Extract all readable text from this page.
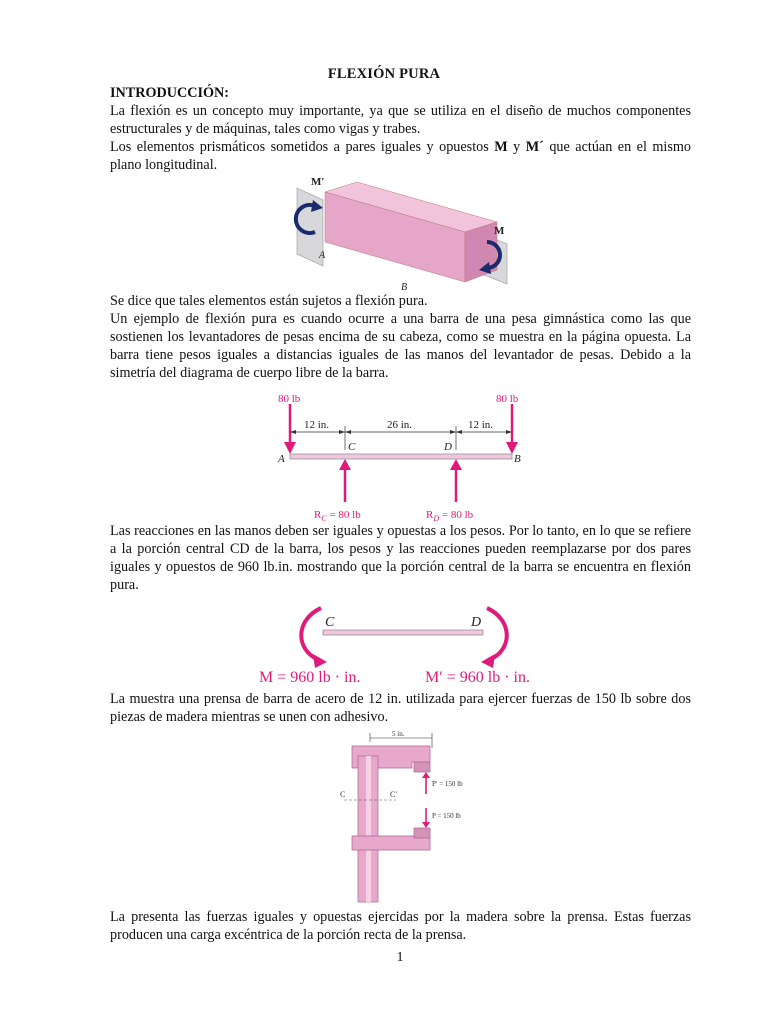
FLEXIÓN PURA
INTRODUCCIÓN:
La flexión es un concepto muy importante, ya que se utiliza en el diseño de muchos componentes estructurales y de máquinas, tales como vigas y trabes.
Los elementos prismáticos sometidos a pares iguales y opuestos M y M´ que actúan en el mismo plano longitudinal.
M′
M
A
B
Se dice que tales elementos están sujetos a flexión pura.
Un ejemplo de flexión pura es cuando ocurre a una barra de una pesa gimnástica como las que sostienen los levantadores de pesas encima de su cabeza, como se muestra en la página opuesta. La barra tiene pesos iguales a distancias iguales de las manos del levantador de pesas. Debido a la simetría del diagrama de cuerpo libre de la barra.
80 lb	80 lb
12 in.	26 in.	12 in.
A	B
C	D
$R_C = 80$ lb	$R_D = 80$ lb
Las reacciones en las manos deben ser iguales y opuestas a los pesos. Por lo tanto, en lo que se refiere a la porción central CD de la barra, los pesos y las reacciones pueden reemplazarse por dos pares iguales y opuestos de 960 lb.in. mostrando que la porción central de la barra se encuentra en flexión pura.
C	D
M = 960 lb · in.	M′ = 960 lb · in.
La muestra una prensa de barra de acero de 12 in. utilizada para ejercer fuerzas de 150 lb sobre dos piezas de madera mientras se unen con adhesivo.
5 in.
C	C′
P′ = 150 lb
P = 150 lb
La presenta las fuerzas iguales y opuestas ejercidas por la madera sobre la prensa. Estas fuerzas producen una carga excéntrica de la porción recta de la prensa.
1
